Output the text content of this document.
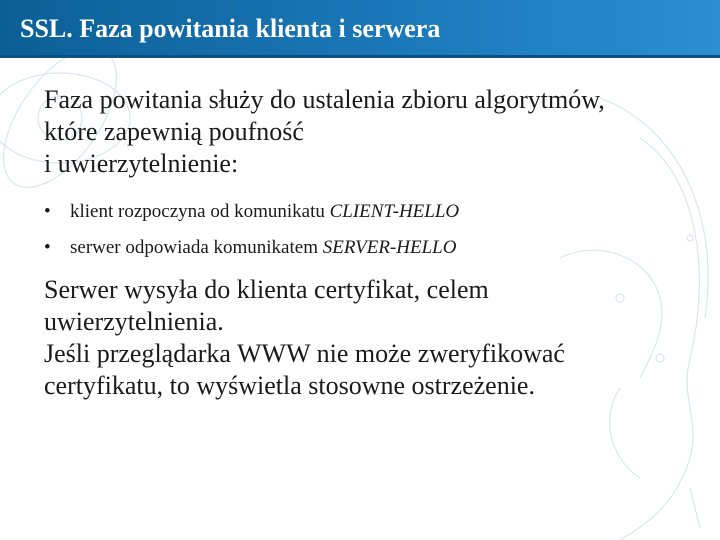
SSL. Faza powitania klienta i serwera

Faza powitania służy do ustalenia zbioru algorytmów,
które zapewnią poufność
i uwierzytelnienie:

• klient rozpoczyna od komunikatu CLIENT-HELLO
• serwer odpowiada komunikatem SERVER-HELLO

Serwer wysyła do klienta certyfikat, celem
uwierzytelnienia.
Jeśli przeglądarka WWW nie może zweryfikować
certyfikatu, to wyświetla stosowne ostrzeżenie.
